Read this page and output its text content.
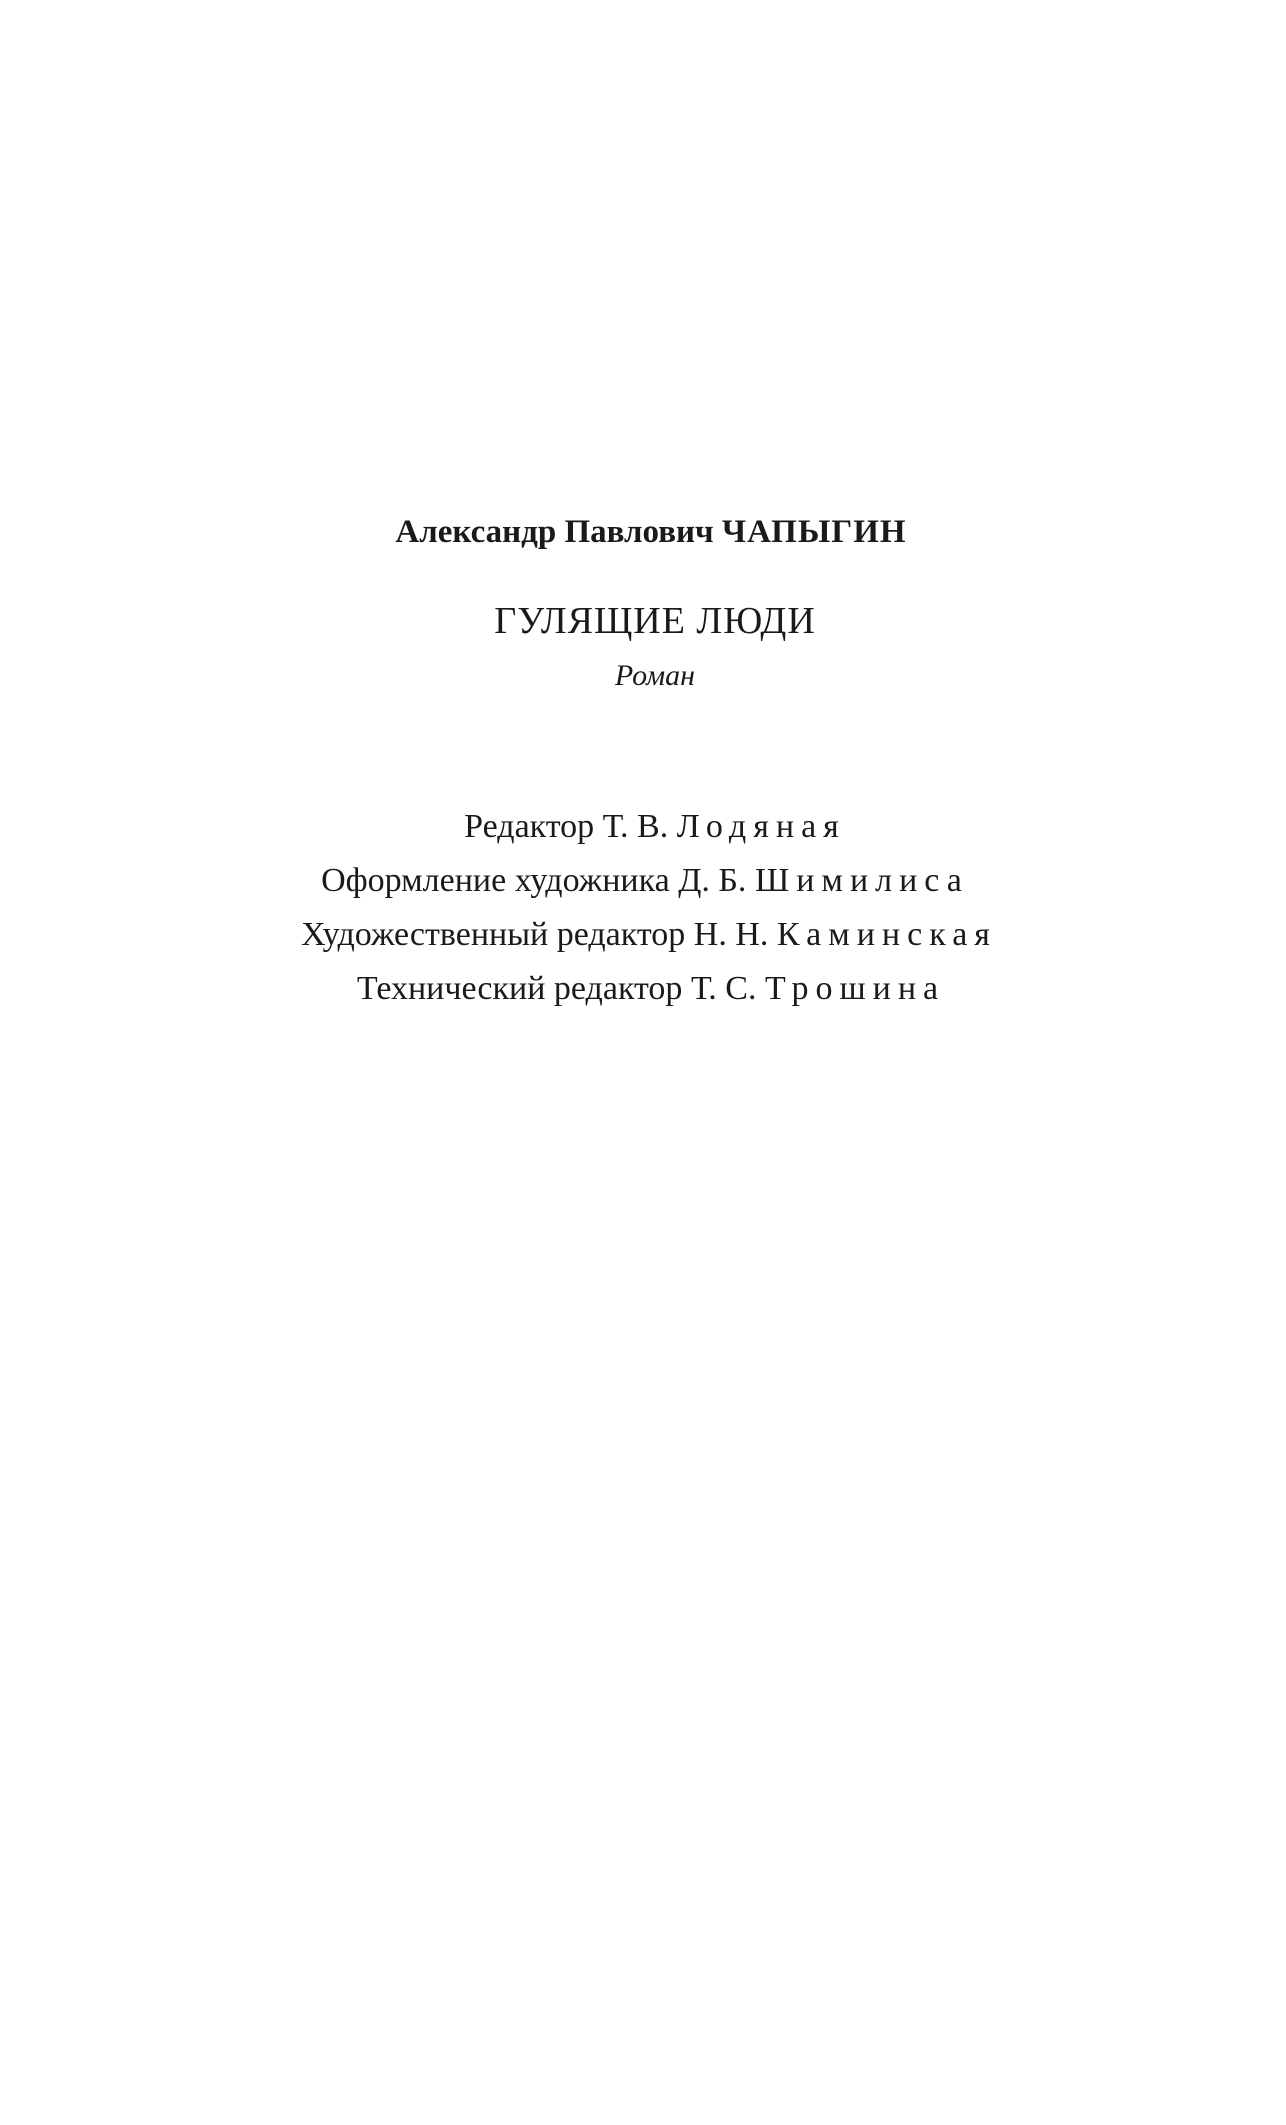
Александр Павлович ЧАПЫГИН
ГУЛЯЩИЕ ЛЮДИ
Роман
Редактор Т. В. Лодяная
Оформление художника Д. Б. Шимилиса
Художественный редактор Н. Н. Каминская
Технический редактор Т. С. Трошина
